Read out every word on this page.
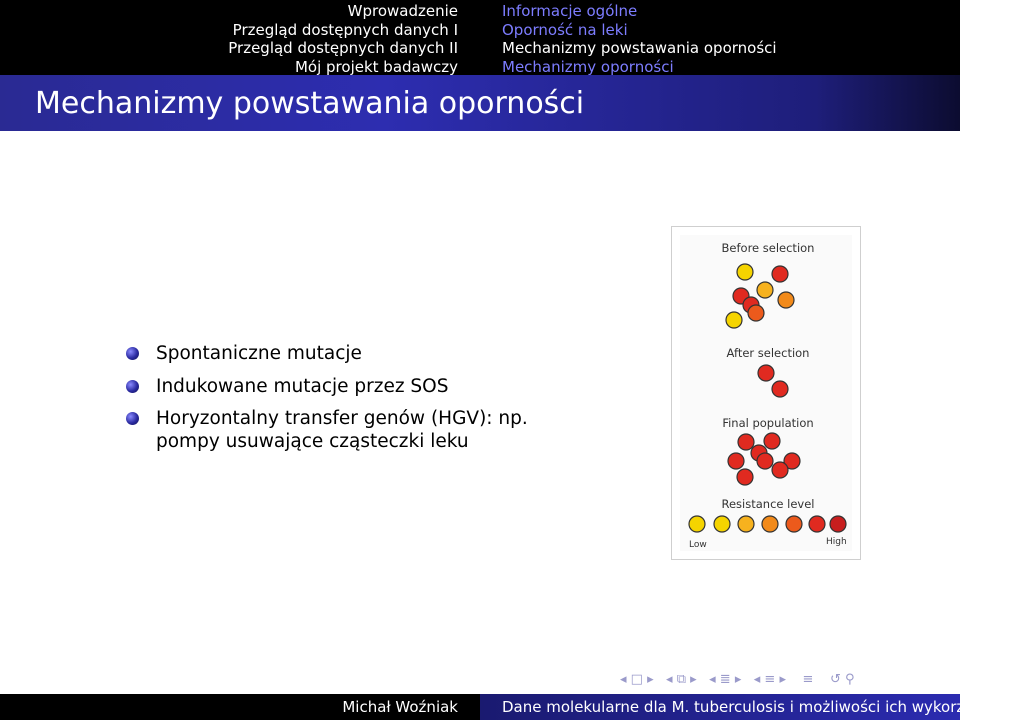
Wprowadzenie
Przegląd dostępnych danych I
Przegląd dostępnych danych II
Mój projekt badawczy
Informacje ogólne
Oporność na leki
Mechanizmy powstawania oporności
Mechanizmy oporności
Mechanizmy powstawania oporności
Spontaniczne mutacje
Indukowane mutacje przez SOS
Horyzontalny transfer genów (HGV): np. pompy usuwające cząsteczki leku
Before selection
After selection
Final population
Resistance level
Low	High
◂ □ ▸ ◂ ⧉ ▸ ◂ ≣ ▸ ◂ ≡ ▸ ≡ ↺ ⚲
Michał Woźniak	Dane molekularne dla M. tuberculosis i możliwości ich wykorzystania
